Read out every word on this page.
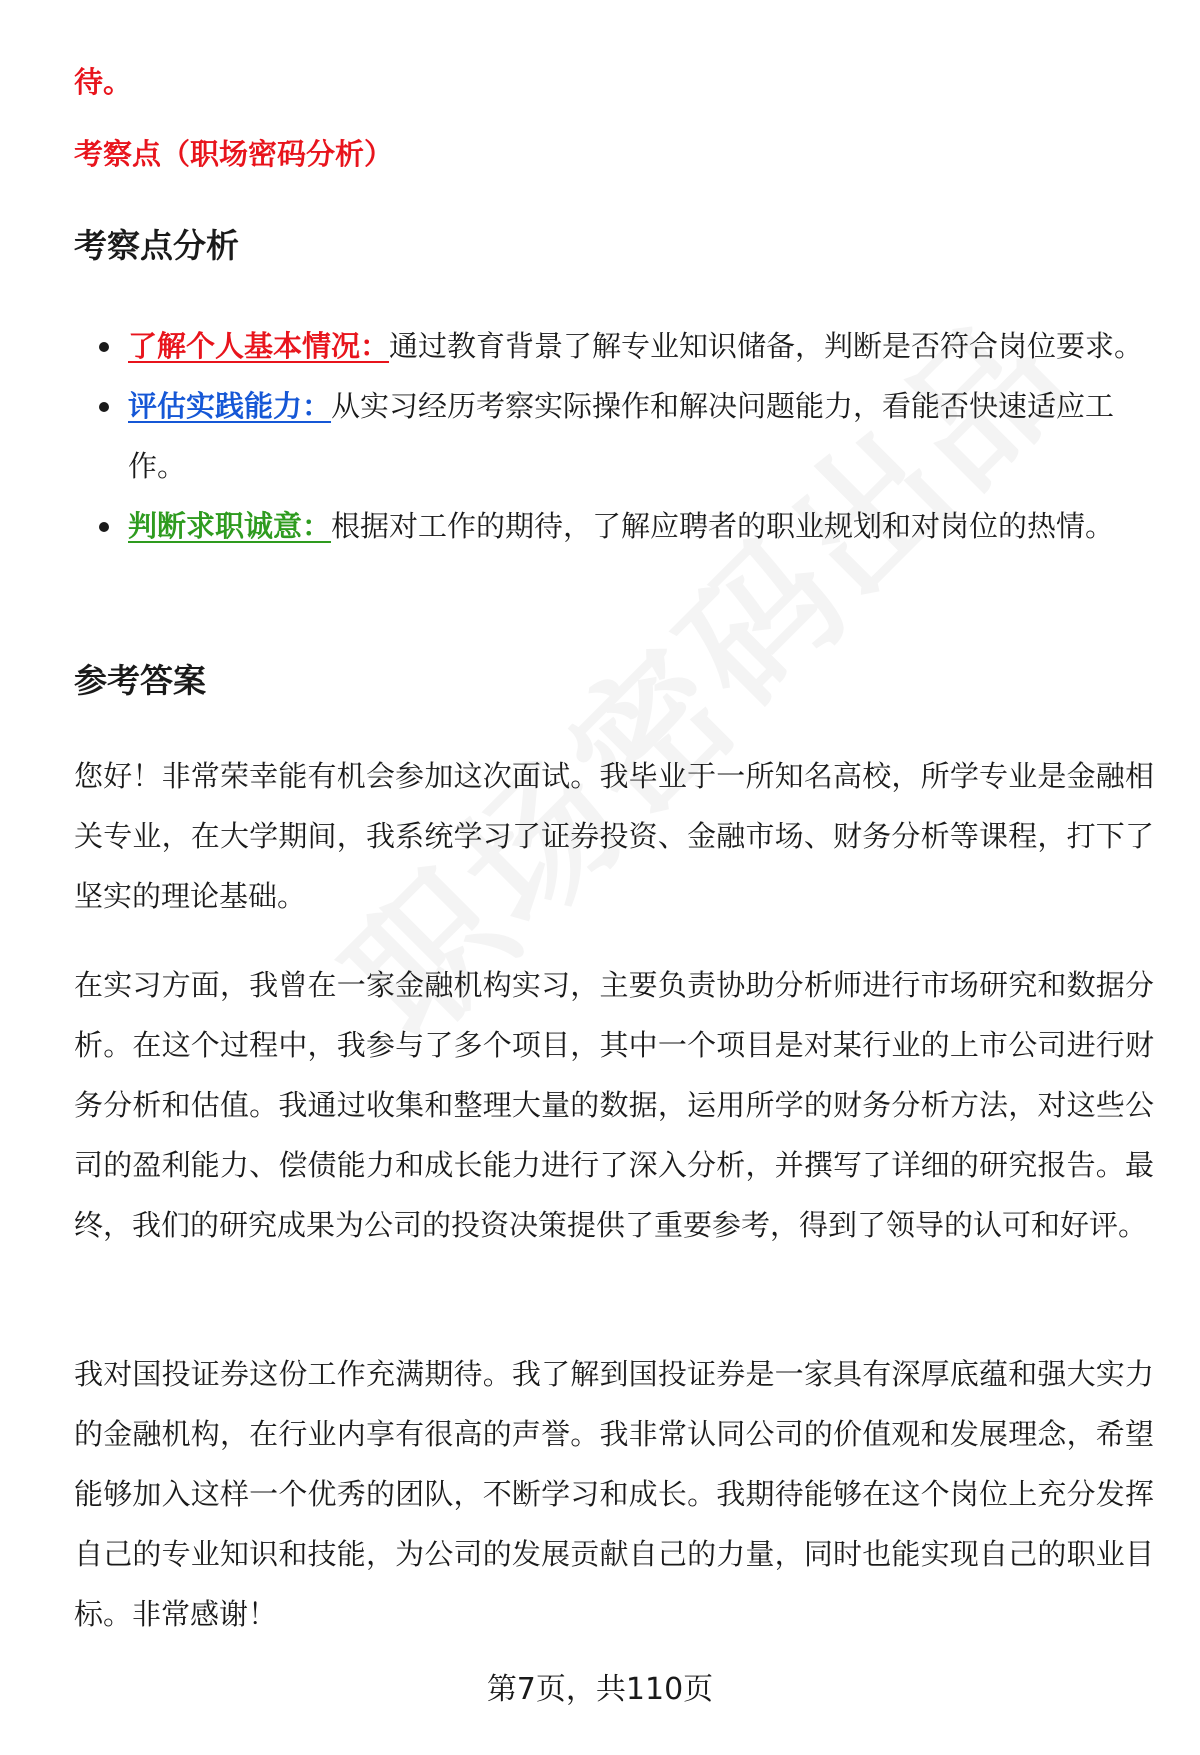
待。
考察点（职场密码分析）
考察点分析
了解个人基本情况：通过教育背景了解专业知识储备，判断是否符合岗位要求。
评估实践能力：从实习经历考察实际操作和解决问题能力，看能否快速适应工作。
判断求职诚意：根据对工作的期待，了解应聘者的职业规划和对岗位的热情。
参考答案

您好！非常荣幸能有机会参加这次面试。我毕业于一所知名高校，所学专业是金融相关专业，在大学期间，我系统学习了证券投资、金融市场、财务分析等课程，打下了坚实的理论基础。

在实习方面，我曾在一家金融机构实习，主要负责协助分析师进行市场研究和数据分析。在这个过程中，我参与了多个项目，其中一个项目是对某行业的上市公司进行财务分析和估值。我通过收集和整理大量的数据，运用所学的财务分析方法，对这些公司的盈利能力、偿债能力和成长能力进行了深入分析，并撰写了详细的研究报告。最终，我们的研究成果为公司的投资决策提供了重要参考，得到了领导的认可和好评。

我对国投证券这份工作充满期待。我了解到国投证券是一家具有深厚底蕴和强大实力的金融机构，在行业内享有很高的声誉。我非常认同公司的价值观和发展理念，希望能够加入这样一个优秀的团队，不断学习和成长。我期待能够在这个岗位上充分发挥自己的专业知识和技能，为公司的发展贡献自己的力量，同时也能实现自己的职业目标。非常感谢！

第7页，共110页
